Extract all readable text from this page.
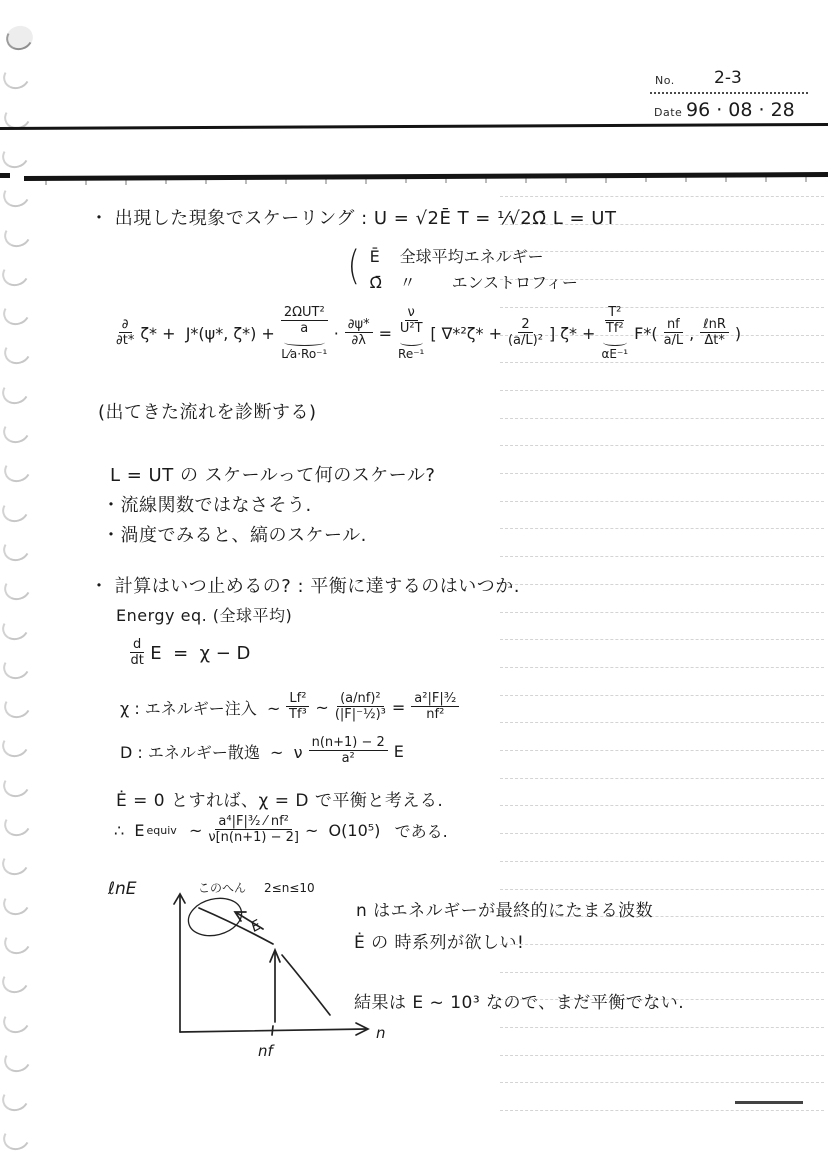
No. 2-3
Date 96 · 08 · 28
・ 出現した現象でスケーリング : U = √2Ē T = ¹⁄√2Ω̄ L = UT
( Ē	全球平均エネルギー
Ω̄	〃	エンストロフィー
$\frac{\partial}{\partial t*} \zeta* + J*(\psi*$, $\zeta*) + \frac{\text{2ΩUT²}}{a}$
L⁄a·Ro⁻¹
· $\frac{\partial\psi*}{\partial\lambda} = \frac{\nu}{\text{U²T}}$
Re⁻¹
[ $\nabla*^2\zeta* + \frac{2}{\text{(a/L)²}}$ ] $\zeta* + \frac{\text{T²}}{\text{Tf²}}$
αE⁻¹
$F*( \frac{nf}{a/L}$ , $\frac{\text{ℓnR}}{\Delta t*}$ )
(出てきた流れを診断する)
L = UT の スケールって何のスケール?
・流線関数ではなさそう.
・渦度でみると、縞のスケール.
・ 計算はいつ止めるの? : 平衡に達するのはいつか.
Energy eq. (全球平均)
$\frac{d}{dt}$ E  =  χ − D
χ : エネルギー注入  ~ $\frac{\text{Lf²}}{\text{Tf³}}$ ~ $\frac{\text{(a/nf)²}}{\text{(|F|⁻½)³}} = \frac{\text{a²|F|³⁄₂}}{\text{nf²}}$
D : エネルギー散逸  ~  ν $\frac{n(n+1) - 2}{\text{a²}}$ E
Ė = 0 とすれば、χ = D で平衡と考える.
∴  E equiv ~ $\frac{\text{a⁴|F|³⁄₂ ⁄ nf²}}{\nu[n(n+1) - 2]}$ ~  O(10⁵) である.
ℓnE	このへん 2≤n≤10
n
E
nf
n はエネルギーが最終的にたまる波数
Ė の 時系列が欲しい!
結果は E ~ 10³ なので、まだ平衡でない.
